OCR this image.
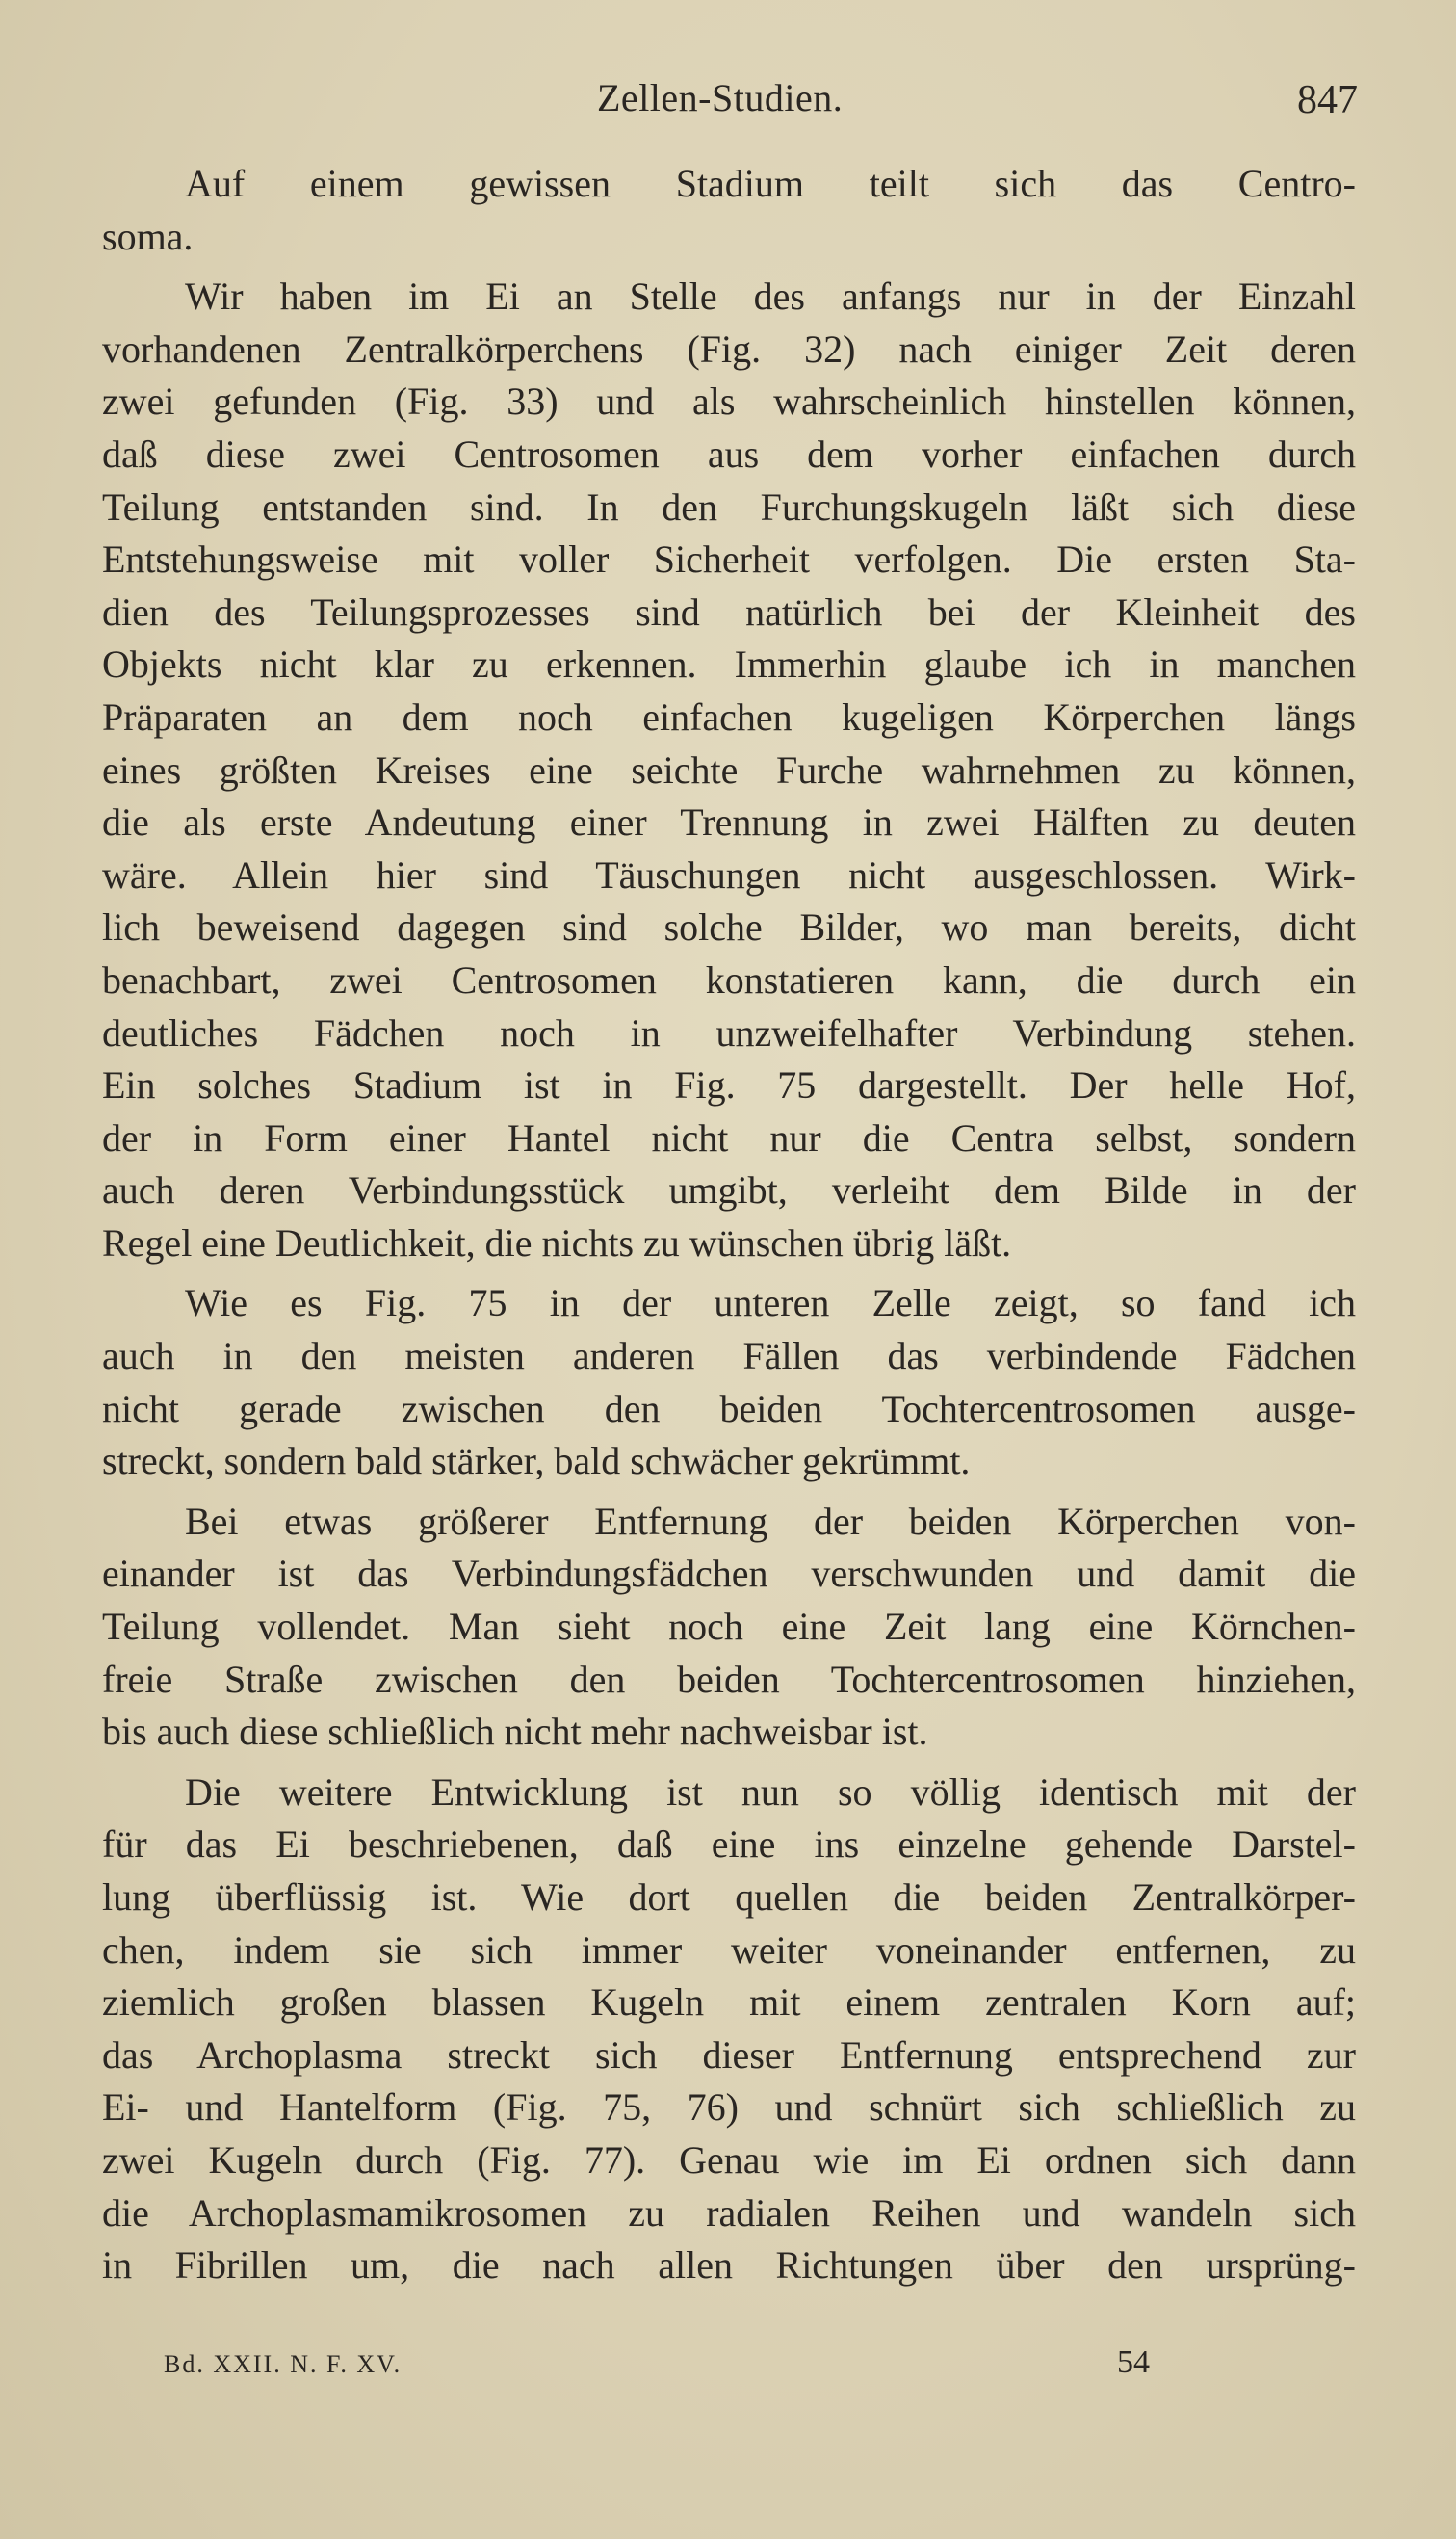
Zellen-Studien.	847

Auf einem gewissen Stadium teilt sich das Centro-
soma.

Wir haben im Ei an Stelle des anfangs nur in der Einzahl
vorhandenen Zentralkörperchens (Fig. 32) nach einiger Zeit deren
zwei gefunden (Fig. 33) und als wahrscheinlich hinstellen können,
daß diese zwei Centrosomen aus dem vorher einfachen durch
Teilung entstanden sind. In den Furchungskugeln läßt sich diese
Entstehungsweise mit voller Sicherheit verfolgen. Die ersten Sta-
dien des Teilungsprozesses sind natürlich bei der Kleinheit des
Objekts nicht klar zu erkennen. Immerhin glaube ich in manchen
Präparaten an dem noch einfachen kugeligen Körperchen längs
eines größten Kreises eine seichte Furche wahrnehmen zu können,
die als erste Andeutung einer Trennung in zwei Hälften zu deuten
wäre. Allein hier sind Täuschungen nicht ausgeschlossen. Wirk-
lich beweisend dagegen sind solche Bilder, wo man bereits, dicht
benachbart, zwei Centrosomen konstatieren kann, die durch ein
deutliches Fädchen noch in unzweifelhafter Verbindung stehen.
Ein solches Stadium ist in Fig. 75 dargestellt. Der helle Hof,
der in Form einer Hantel nicht nur die Centra selbst, sondern
auch deren Verbindungsstück umgibt, verleiht dem Bilde in der
Regel eine Deutlichkeit, die nichts zu wünschen übrig läßt.

Wie es Fig. 75 in der unteren Zelle zeigt, so fand ich
auch in den meisten anderen Fällen das verbindende Fädchen
nicht gerade zwischen den beiden Tochtercentrosomen ausge-
streckt, sondern bald stärker, bald schwächer gekrümmt.

Bei etwas größerer Entfernung der beiden Körperchen von-
einander ist das Verbindungsfädchen verschwunden und damit die
Teilung vollendet. Man sieht noch eine Zeit lang eine Körnchen-
freie Straße zwischen den beiden Tochtercentrosomen hinziehen,
bis auch diese schließlich nicht mehr nachweisbar ist.

Die weitere Entwicklung ist nun so völlig identisch mit der
für das Ei beschriebenen, daß eine ins einzelne gehende Darstel-
lung überflüssig ist. Wie dort quellen die beiden Zentralkörper-
chen, indem sie sich immer weiter voneinander entfernen, zu
ziemlich großen blassen Kugeln mit einem zentralen Korn auf;
das Archoplasma streckt sich dieser Entfernung entsprechend zur
Ei- und Hantelform (Fig. 75, 76) und schnürt sich schließlich zu
zwei Kugeln durch (Fig. 77). Genau wie im Ei ordnen sich dann
die Archoplasmamikrosomen zu radialen Reihen und wandeln sich
in Fibrillen um, die nach allen Richtungen über den ursprüng-

Bd. XXII. N. F. XV.	54
